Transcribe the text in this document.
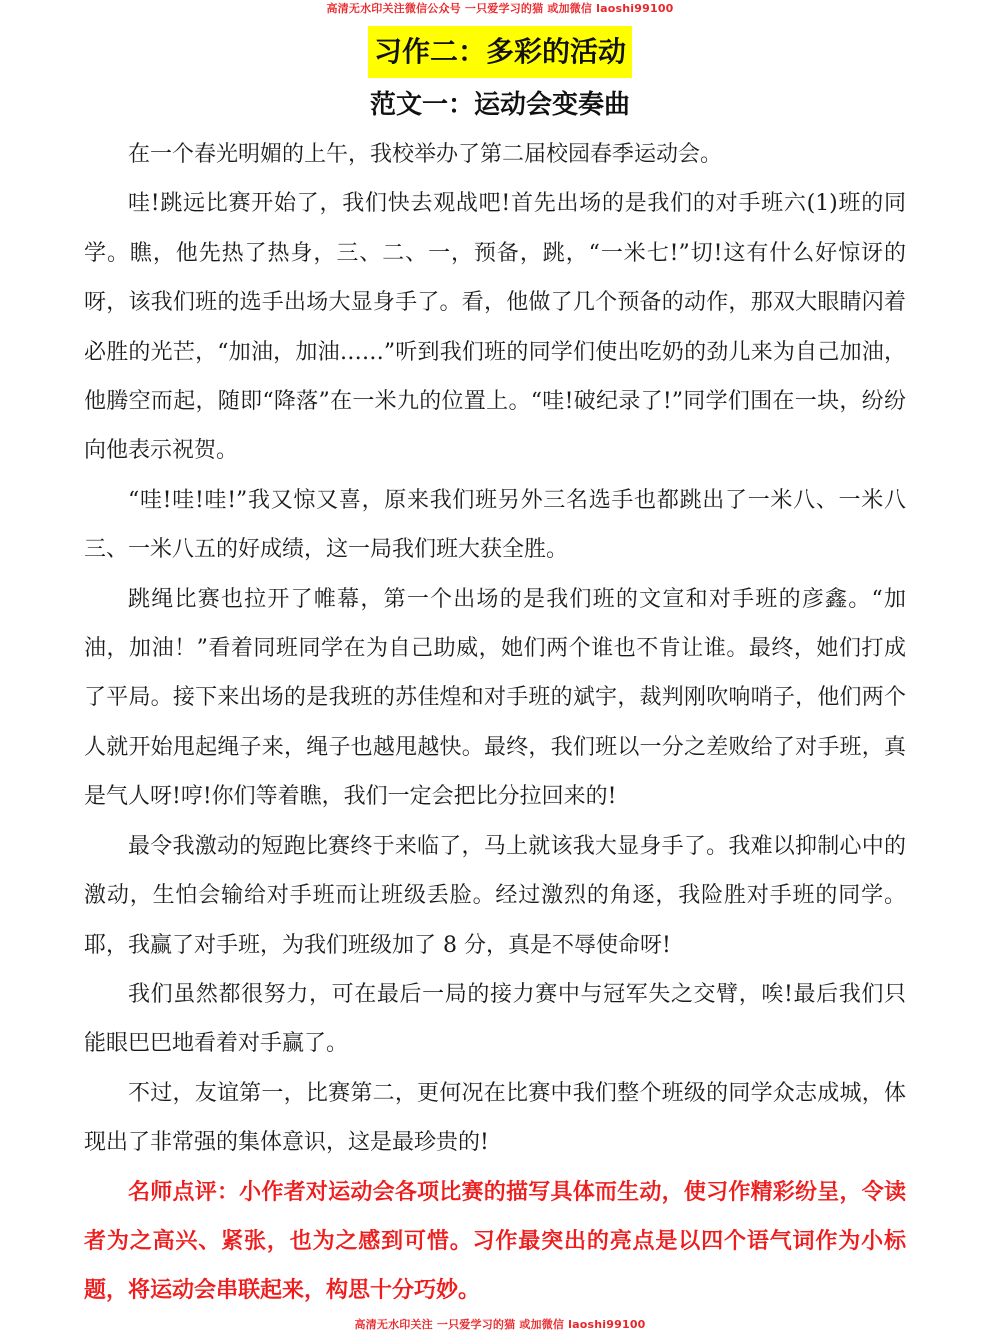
高清无水印关注微信公众号 一只爱学习的猫 或加微信 laoshi99100
习作二：多彩的活动
范文一：运动会变奏曲

在一个春光明媚的上午，我校举办了第二届校园春季运动会。

哇!跳远比赛开始了，我们快去观战吧!首先出场的是我们的对手班六(1)班的同学。瞧，他先热了热身，三、二、一，预备，跳，“一米七!”切!这有什么好惊讶的呀，该我们班的选手出场大显身手了。看，他做了几个预备的动作，那双大眼睛闪着必胜的光芒，“加油，加油……”听到我们班的同学们使出吃奶的劲儿来为自己加油，他腾空而起，随即“降落”在一米九的位置上。“哇!破纪录了!”同学们围在一块，纷纷向他表示祝贺。

“哇!哇!哇!”我又惊又喜，原来我们班另外三名选手也都跳出了一米八、一米八三、一米八五的好成绩，这一局我们班大获全胜。

跳绳比赛也拉开了帷幕，第一个出场的是我们班的文宣和对手班的彦鑫。“加油，加油！”看着同班同学在为自己助威，她们两个谁也不肯让谁。最终，她们打成了平局。接下来出场的是我班的苏佳煌和对手班的斌宇，裁判刚吹响哨子，他们两个人就开始甩起绳子来，绳子也越甩越快。最终，我们班以一分之差败给了对手班，真是气人呀!哼!你们等着瞧，我们一定会把比分拉回来的!

最令我激动的短跑比赛终于来临了，马上就该我大显身手了。我难以抑制心中的激动，生怕会输给对手班而让班级丢脸。经过激烈的角逐，我险胜对手班的同学。耶，我赢了对手班，为我们班级加了 8 分，真是不辱使命呀!

我们虽然都很努力，可在最后一局的接力赛中与冠军失之交臂，唉!最后我们只能眼巴巴地看着对手赢了。

不过，友谊第一，比赛第二，更何况在比赛中我们整个班级的同学众志成城，体现出了非常强的集体意识，这是最珍贵的!

名师点评：小作者对运动会各项比赛的描写具体而生动，使习作精彩纷呈，令读者为之高兴、紧张，也为之感到可惜。习作最突出的亮点是以四个语气词作为小标题，将运动会串联起来，构思十分巧妙。

高清无水印关注 一只爱学习的猫 或加微信 laoshi99100
